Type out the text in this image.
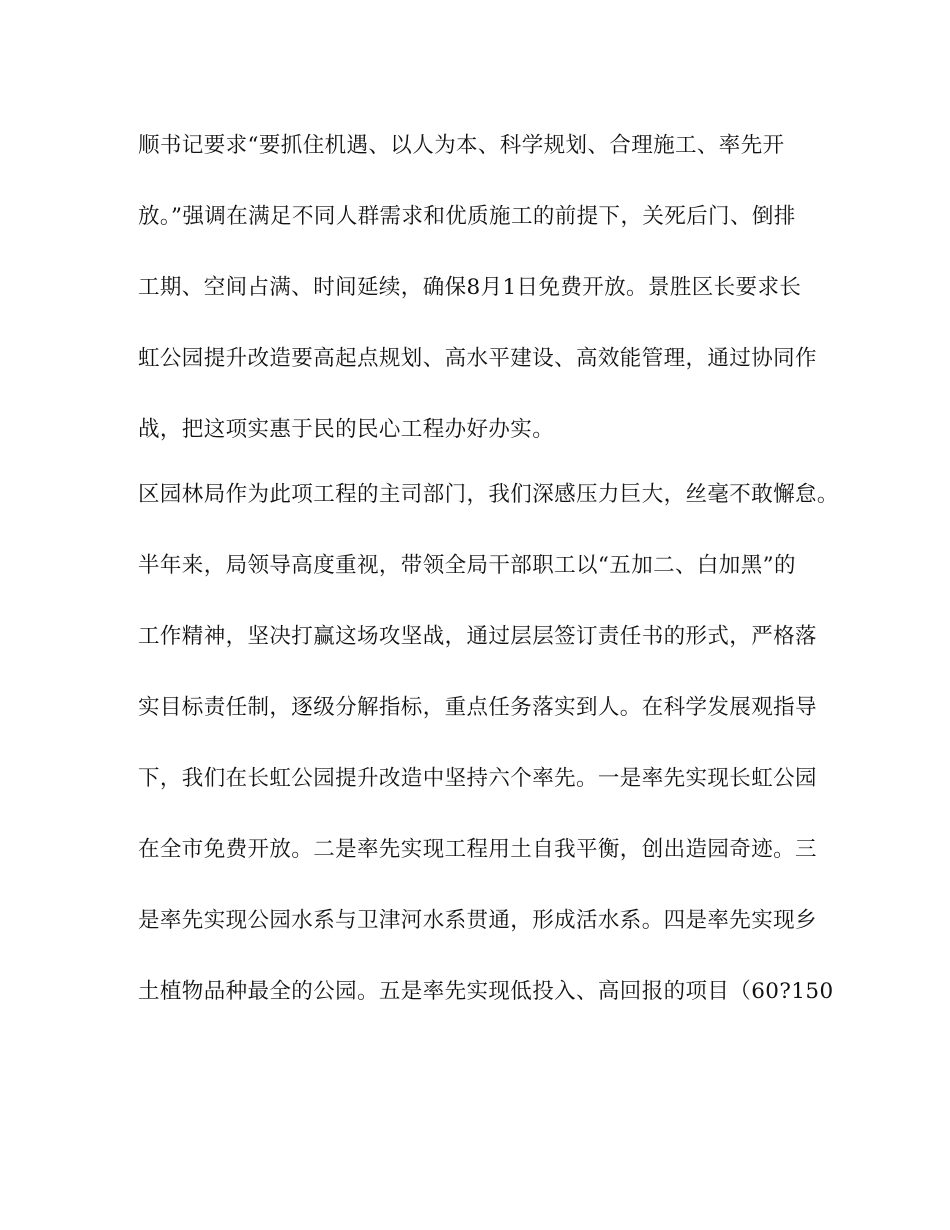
顺书记要求“要抓住机遇、以人为本、科学规划、合理施工、率先开
放。”强调在满足不同人群需求和优质施工的前提下，关死后门、倒排
工期、空间占满、时间延续，确保8月1日免费开放。景胜区长要求长
虹公园提升改造要高起点规划、高水平建设、高效能管理，通过协同作
战，把这项实惠于民的民心工程办好办实。
区园林局作为此项工程的主司部门，我们深感压力巨大，丝毫不敢懈怠。
半年来，局领导高度重视，带领全局干部职工以“五加二、白加黑”的
工作精神，坚决打赢这场攻坚战，通过层层签订责任书的形式，严格落
实目标责任制，逐级分解指标，重点任务落实到人。在科学发展观指导
下，我们在长虹公园提升改造中坚持六个率先。一是率先实现长虹公园
在全市免费开放。二是率先实现工程用土自我平衡，创出造园奇迹。三
是率先实现公园水系与卫津河水系贯通，形成活水系。四是率先实现乡
土植物品种最全的公园。五是率先实现低投入、高回报的项目（60?150
